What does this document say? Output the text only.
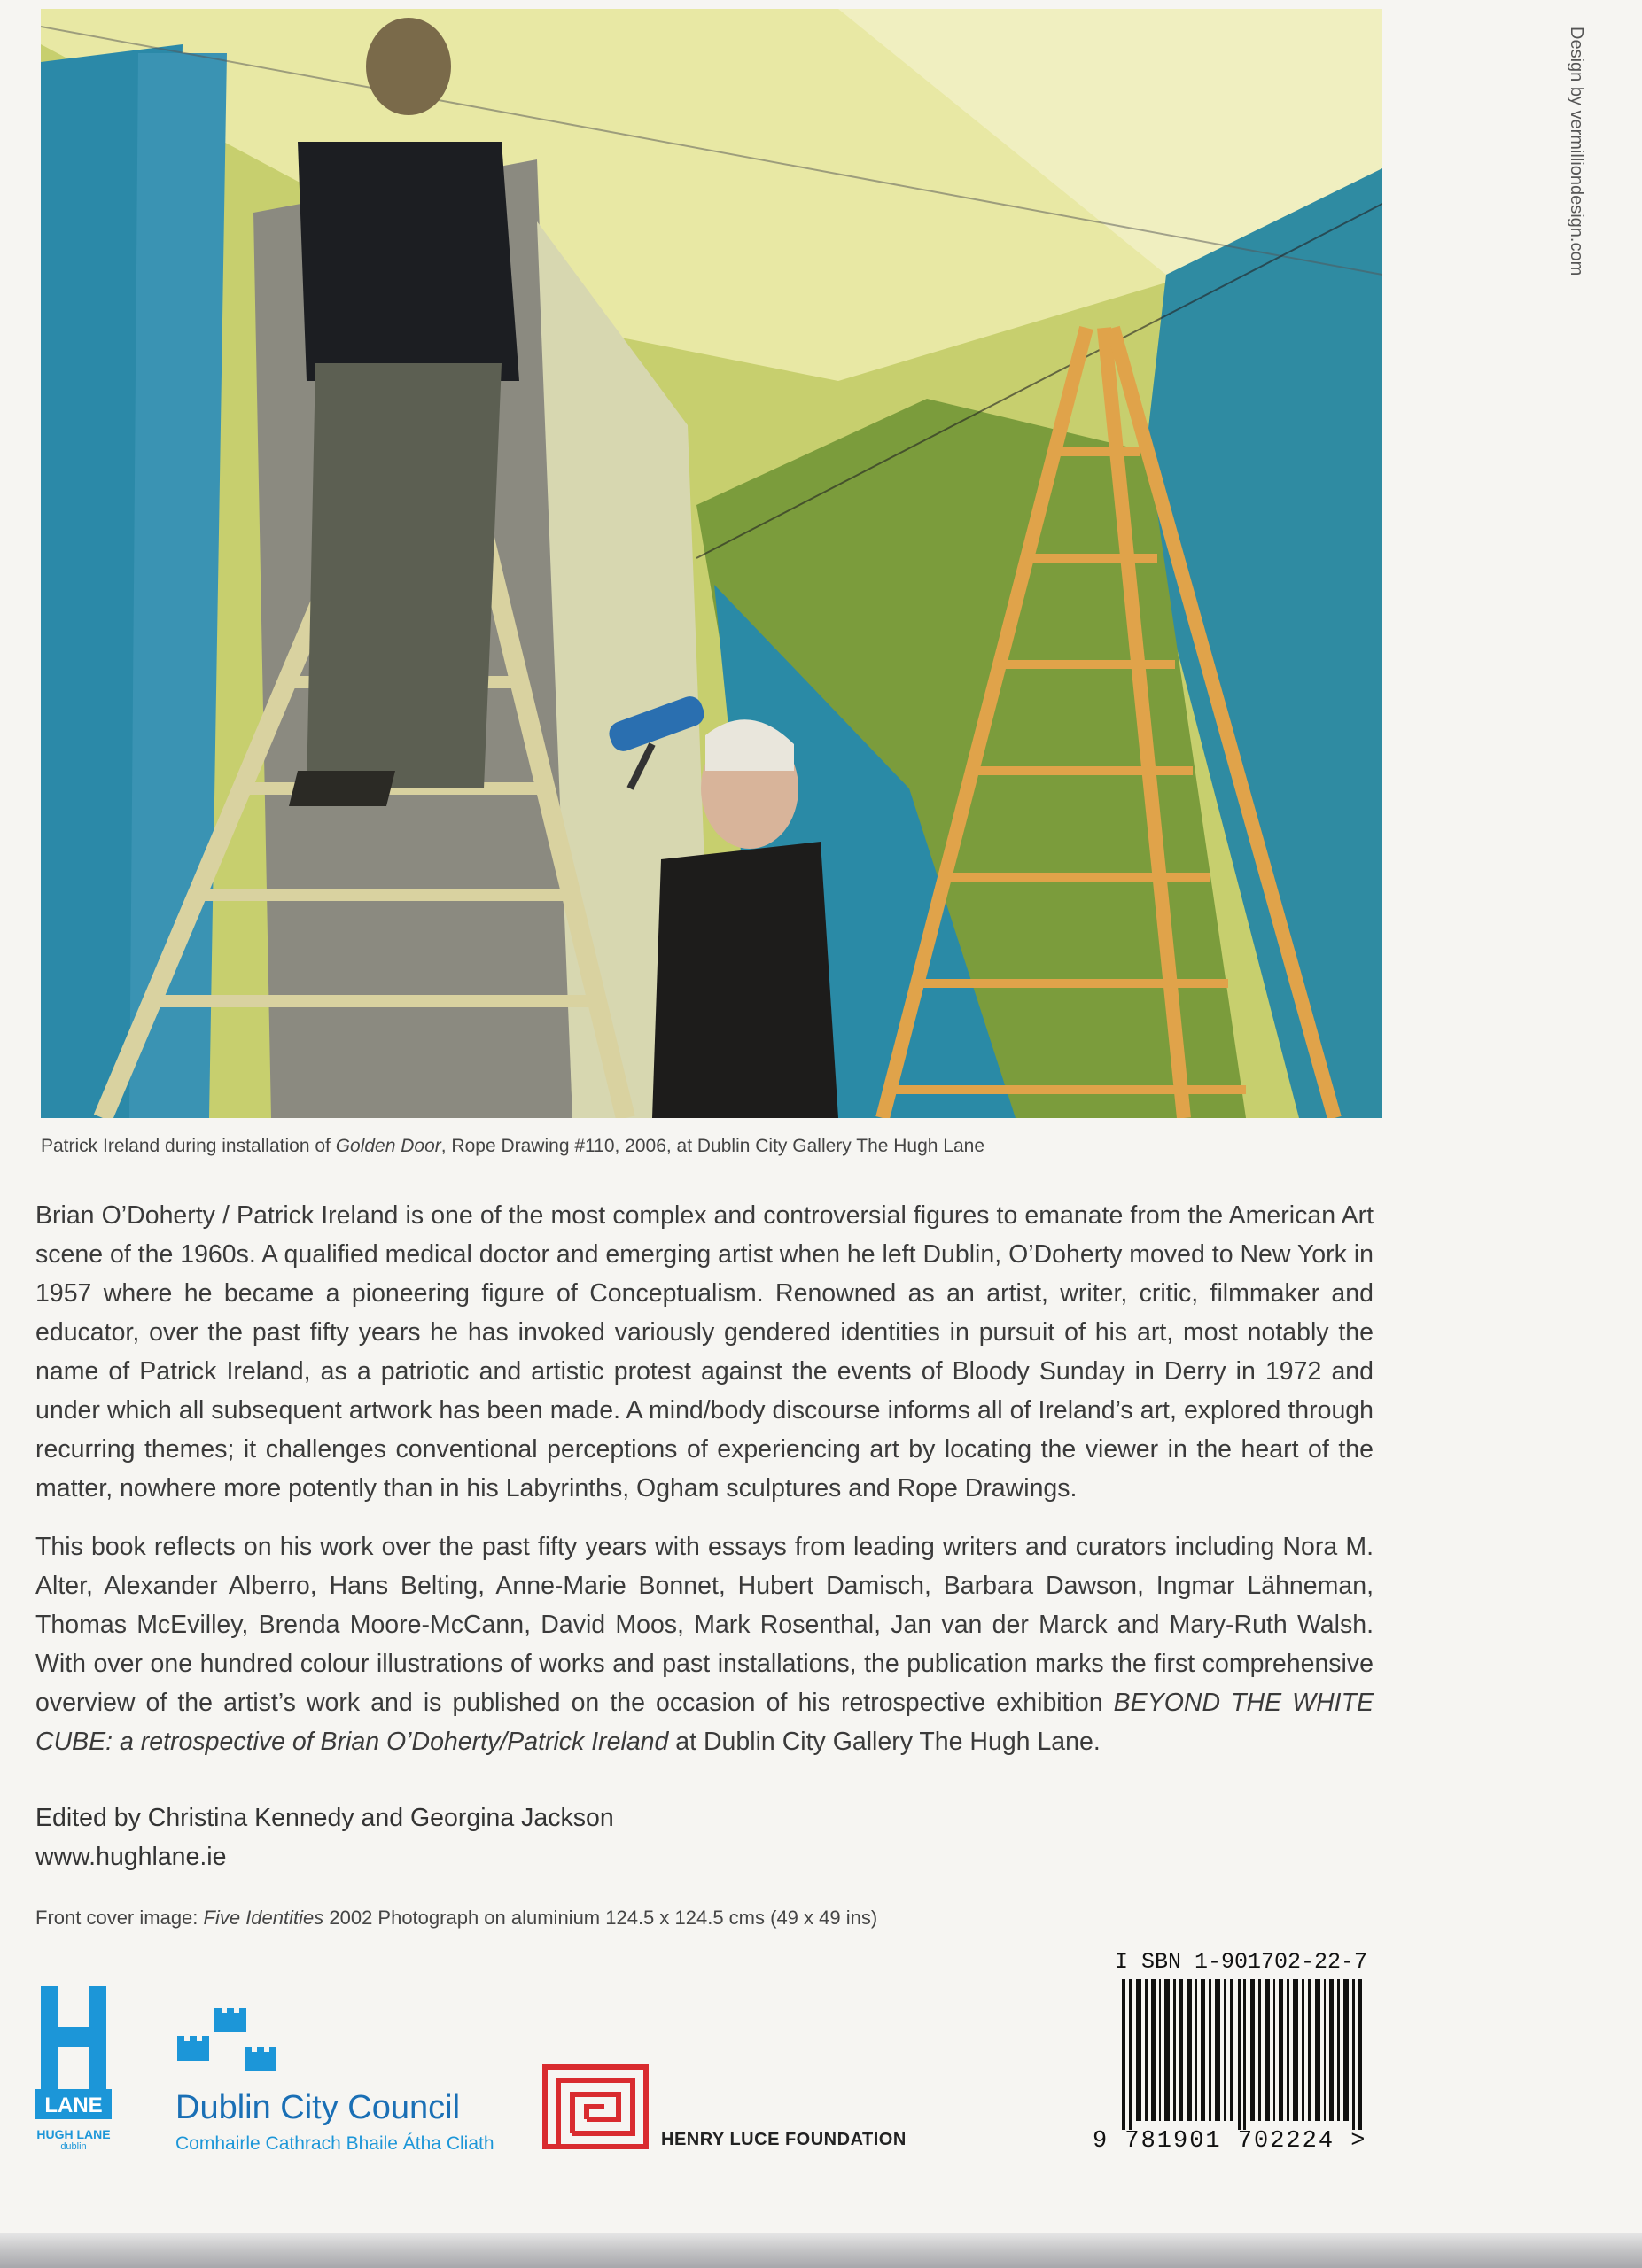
Design by vermilliondesign.com
Patrick Ireland during installation of Golden Door, Rope Drawing #110, 2006, at Dublin City Gallery The Hugh Lane

Brian O’Doherty / Patrick Ireland is one of the most complex and controversial figures to emanate from the American Art scene of the 1960s. A qualified medical doctor and emerging artist when he left Dublin, O’Doherty moved to New York in 1957 where he became a pioneering figure of Conceptualism. Renowned as an artist, writer, critic, filmmaker and educator, over the past fifty years he has invoked variously gendered identities in pursuit of his art, most notably the name of Patrick Ireland, as a patriotic and artistic protest against the events of Bloody Sunday in Derry in 1972 and under which all subsequent artwork has been made. A mind/body discourse informs all of Ireland’s art, explored through recurring themes; it challenges conventional perceptions of experiencing art by locating the viewer in the heart of the matter, nowhere more potently than in his Labyrinths, Ogham sculptures and Rope Drawings.

This book reflects on his work over the past fifty years with essays from leading writers and curators including Nora M. Alter, Alexander Alberro, Hans Belting, Anne-Marie Bonnet, Hubert Damisch, Barbara Dawson, Ingmar Lähneman, Thomas McEvilley, Brenda Moore-McCann, David Moos, Mark Rosenthal, Jan van der Marck and Mary-Ruth Walsh. With over one hundred colour illustrations of works and past installations, the publication marks the first comprehensive overview of the artist’s work and is published on the occasion of his retrospective exhibition BEYOND THE WHITE CUBE: a retrospective of Brian O’Doherty/Patrick Ireland at Dublin City Gallery The Hugh Lane.

Edited by Christina Kennedy and Georgina Jackson
www.hughlane.ie
Front cover image: Five Identities 2002 Photograph on aluminium 124.5 x 124.5 cms (49 x 49 ins)
LANE
HUGH LANE
dublin
Dublin City Council
Comhairle Cathrach Bhaile Átha Cliath	HENRY LUCE FOUNDATION
I SBN 1-901702-22-7
9 781901 702224 >
